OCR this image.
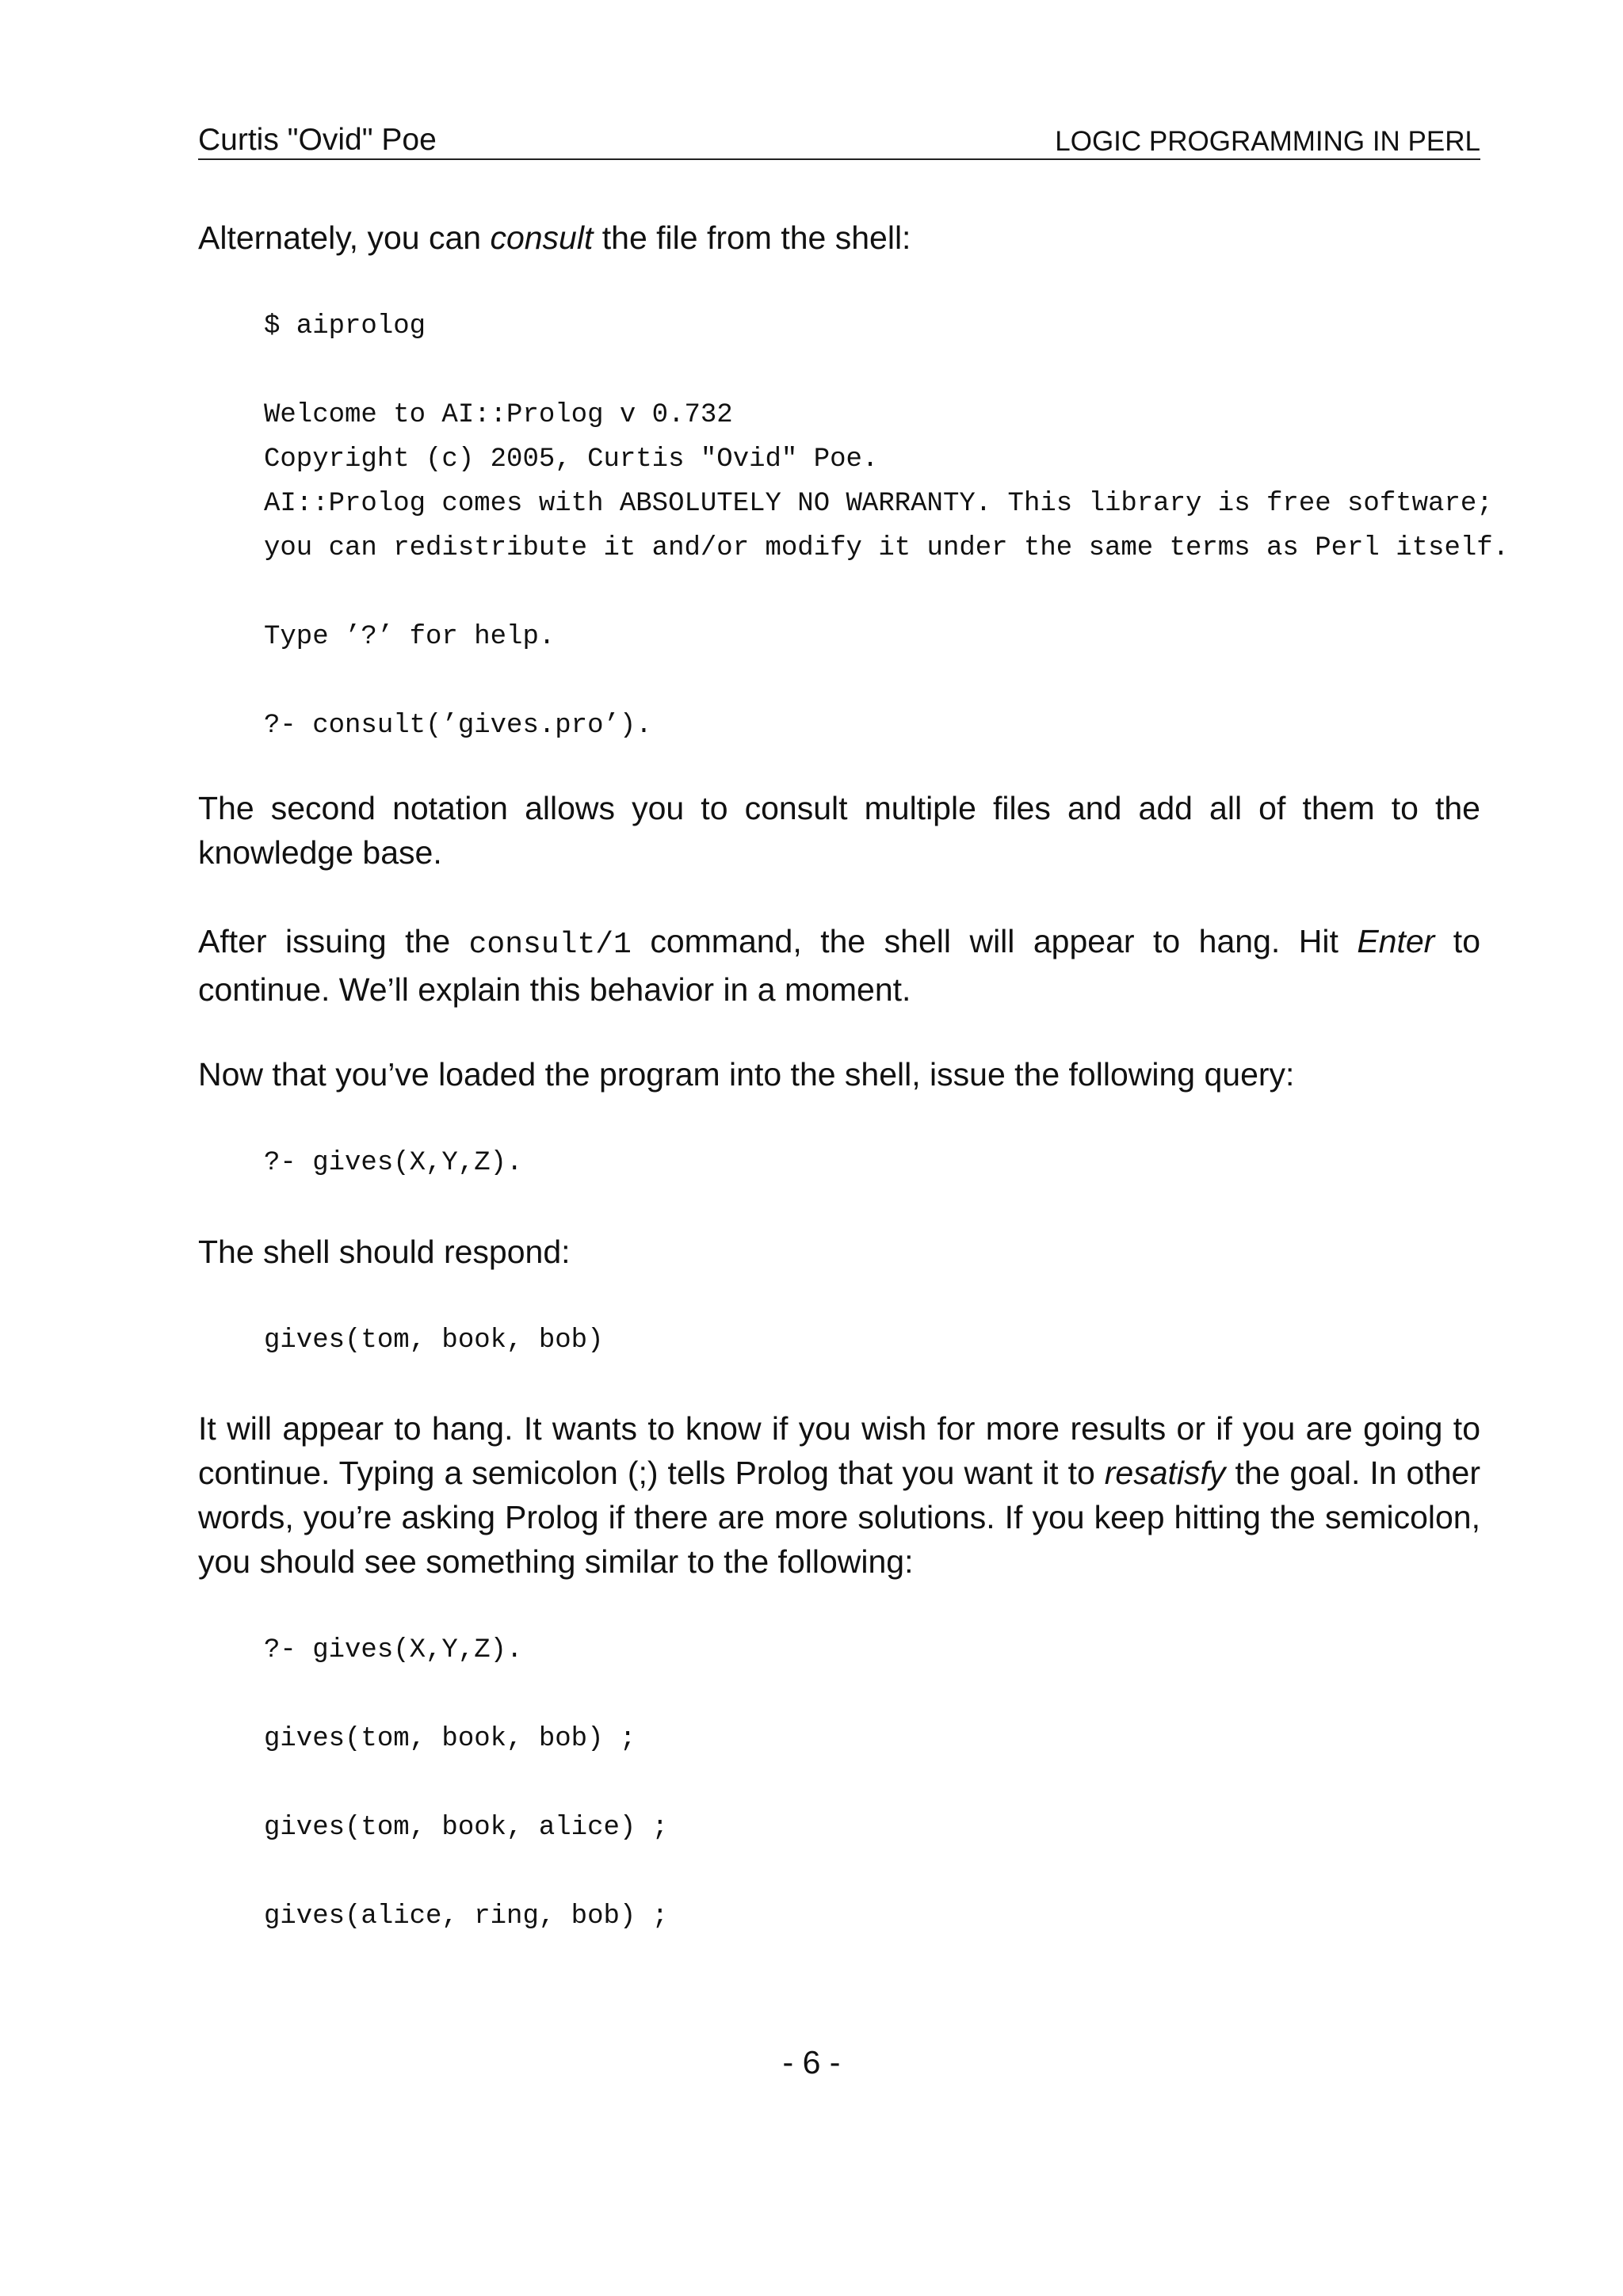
Curtis "Ovid" Poe	LOGIC PROGRAMMING IN PERL

Alternately, you can consult the file from the shell:

$ aiprolog
Welcome to AI::Prolog v 0.732
Copyright (c) 2005, Curtis "Ovid" Poe.
AI::Prolog comes with ABSOLUTELY NO WARRANTY. This library is free software;
you can redistribute it and/or modify it under the same terms as Perl itself.
Type ’?’ for help.
?- consult(’gives.pro’).

The second notation allows you to consult multiple files and add all of them to the knowledge base.

After issuing the consult/1 command, the shell will appear to hang. Hit Enter to continue. We’ll explain this behavior in a moment.

Now that you’ve loaded the program into the shell, issue the following query:

?- gives(X,Y,Z).

The shell should respond:

gives(tom, book, bob)

It will appear to hang. It wants to know if you wish for more results or if you are going to continue. Typing a semicolon (;) tells Prolog that you want it to resatisfy the goal. In other words, you’re asking Prolog if there are more solutions. If you keep hitting the semicolon, you should see something similar to the following:

?- gives(X,Y,Z).
gives(tom, book, bob) ;
gives(tom, book, alice) ;
gives(alice, ring, bob) ;
- 6 -
